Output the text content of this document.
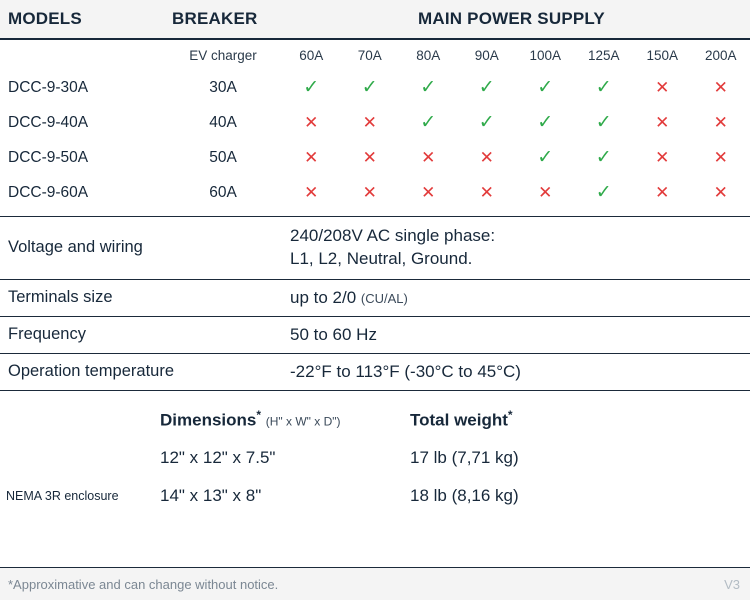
MODELS	BREAKER	MAIN POWER SUPPLY
	EV charger	60A	70A	80A	90A	100A	125A	150A	200A
DCC-9-30A	30A	✓	✓	✓	✓	✓	✓	✕	✕
DCC-9-40A	40A	✕	✕	✓	✓	✓	✓	✕	✕
DCC-9-50A	50A	✕	✕	✕	✕	✓	✓	✕	✕
DCC-9-60A	60A	✕	✕	✕	✕	✕	✓	✕	✕
Voltage and wiring	240/208V AC single phase:
L1, L2, Neutral, Ground.

Terminals size	up to 2/0 (CU/AL)
Frequency	50 to 60 Hz
Operation temperature	-22°F to 113°F (-30°C to 45°C)
	Dimensions* (H" x W" x D")	Total weight*
	12" x 12" x 7.5"	17 lb (7,71 kg)
NEMA 3R enclosure	14" x 13" x 8"	18 lb (8,16 kg)
*Approximative and can change without notice.	V3
